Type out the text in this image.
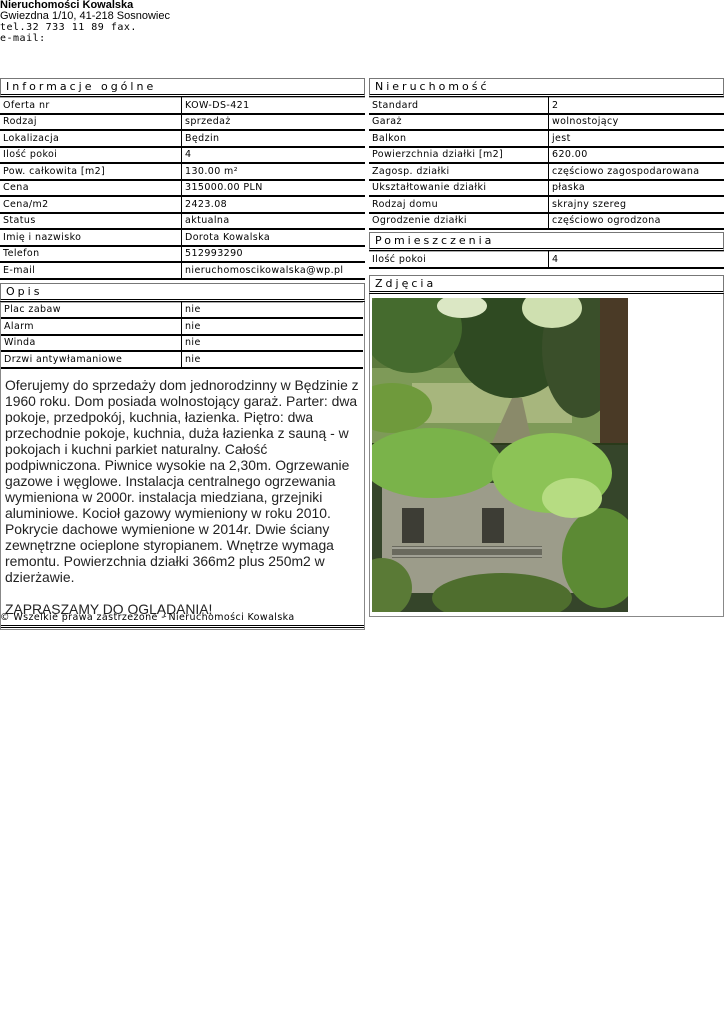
Nieruchomości Kowalska
Gwiezdna 1/10, 41-218 Sosnowiec
tel.32 733 11 89 fax.
e-mail:
Informacje ogólne
Oferta nr	KOW-DS-421
Rodzaj	sprzedaż
Lokalizacja	Będzin
Ilość pokoi	4
Pow. całkowita [m2]	130.00 m²
Cena	315000.00 PLN
Cena/m2	2423.08
Status	aktualna
Imię i nazwisko	Dorota Kowalska
Telefon	512993290
E-mail	nieruchomoscikowalska@wp.pl
Opis
Plac zabaw	nie
Alarm	nie
Winda	nie
Drzwi antywłamaniowe	nie

Oferujemy do sprzedaży dom jednorodzinny w Będzinie z 1960 roku. Dom posiada wolnostojący garaż. Parter: dwa pokoje, przedpokój, kuchnia, łazienka. Piętro: dwa przechodnie pokoje, kuchnia, duża łazienka z sauną - w pokojach i kuchni parkiet naturalny. Całość podpiwniczona. Piwnice wysokie na 2,30m. Ogrzewanie gazowe i węglowe. Instalacja centralnego ogrzewania wymieniona w 2000r. instalacja miedziana, grzejniki aluminiowe. Kocioł gazowy wymieniony w roku 2010. Pokrycie dachowe wymienione w 2014r. Dwie ściany zewnętrzne ocieplone styropianem. Wnętrze wymaga remontu. Powierzchnia działki 366m2 plus 250m2 w dzierżawie.

ZAPRASZAMY DO OGLĄDANIA!

Nieruchomość
Standard	2
Garaż	wolnostojący
Balkon	jest
Powierzchnia działki [m2]	620.00
Zagosp. działki	częściowo zagospodarowana
Ukształtowanie działki	płaska
Rodzaj domu	skrajny szereg
Ogrodzenie działki	częściowo ogrodzona
Pomieszczenia
Ilość pokoi	4
Zdjęcia
© Wszelkie prawa zastrzeżone - Nieruchomości Kowalska
